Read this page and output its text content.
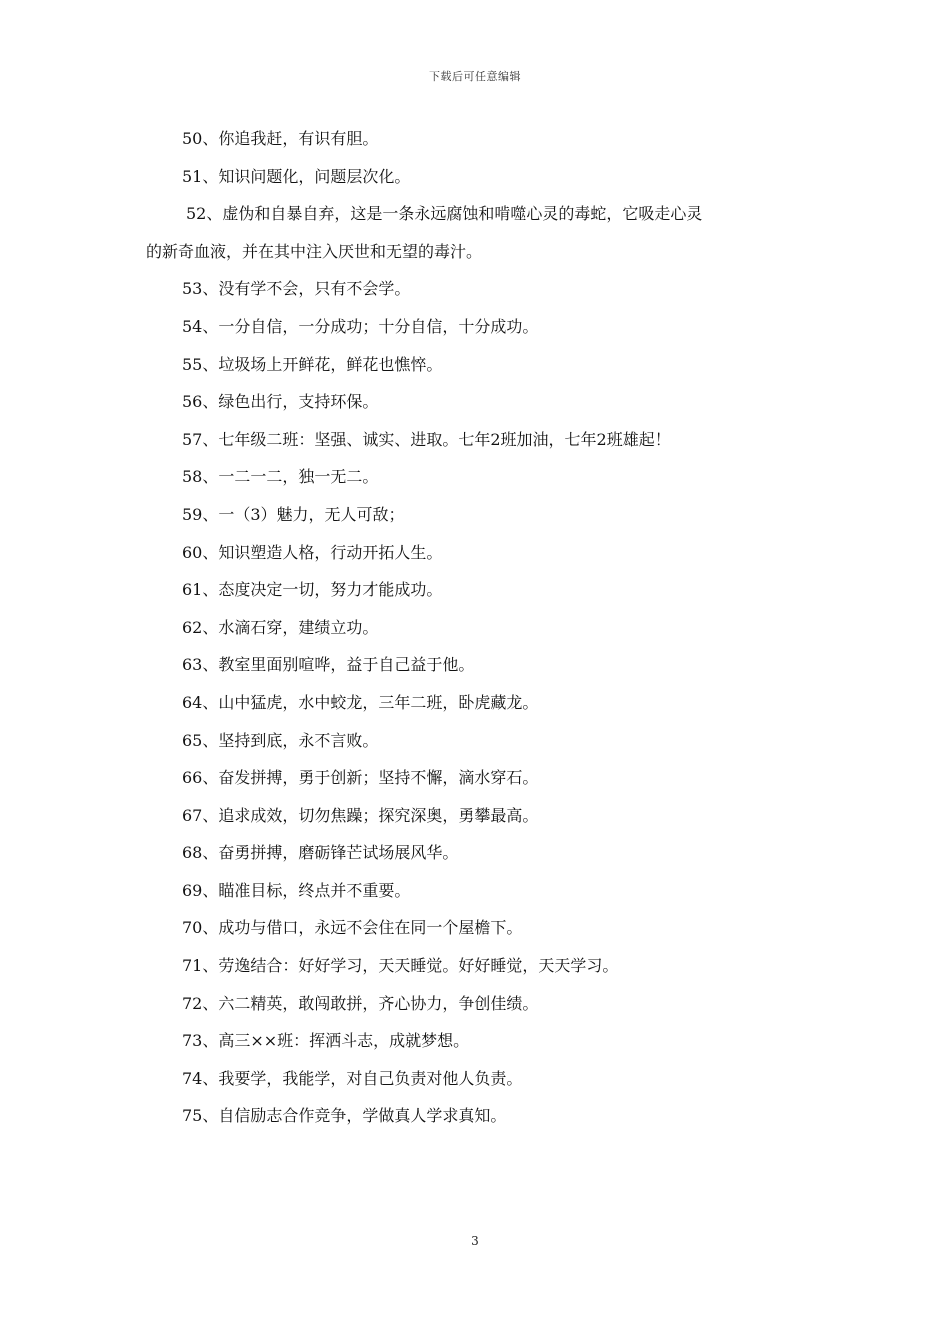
下载后可任意编辑
50、你追我赶，有识有胆。
51、知识问题化，问题层次化。
52、虚伪和自暴自弃，这是一条永远腐蚀和啃噬心灵的毒蛇，它吸走心灵
的新奇血液，并在其中注入厌世和无望的毒汁。
53、没有学不会，只有不会学。
54、一分自信，一分成功；十分自信，十分成功。
55、垃圾场上开鲜花，鲜花也憔悴。
56、绿色出行，支持环保。
57、七年级二班：坚强、诚实、进取。七年2班加油，七年2班雄起！
58、一二一二，独一无二。
59、一（3）魅力，无人可敌；
60、知识塑造人格，行动开拓人生。
61、态度决定一切，努力才能成功。
62、水滴石穿，建绩立功。
63、教室里面别喧哗，益于自己益于他。
64、山中猛虎，水中蛟龙，三年二班，卧虎藏龙。
65、坚持到底，永不言败。
66、奋发拼搏，勇于创新；坚持不懈，滴水穿石。
67、追求成效，切勿焦躁；探究深奥，勇攀最高。
68、奋勇拼搏，磨砺锋芒试场展风华。
69、瞄准目标，终点并不重要。
70、成功与借口，永远不会住在同一个屋檐下。
71、劳逸结合：好好学习，天天睡觉。好好睡觉，天天学习。
72、六二精英，敢闯敢拼，齐心协力，争创佳绩。
73、高三××班：挥洒斗志，成就梦想。
74、我要学，我能学，对自己负责对他人负责。
75、自信励志合作竞争，学做真人学求真知。
3
